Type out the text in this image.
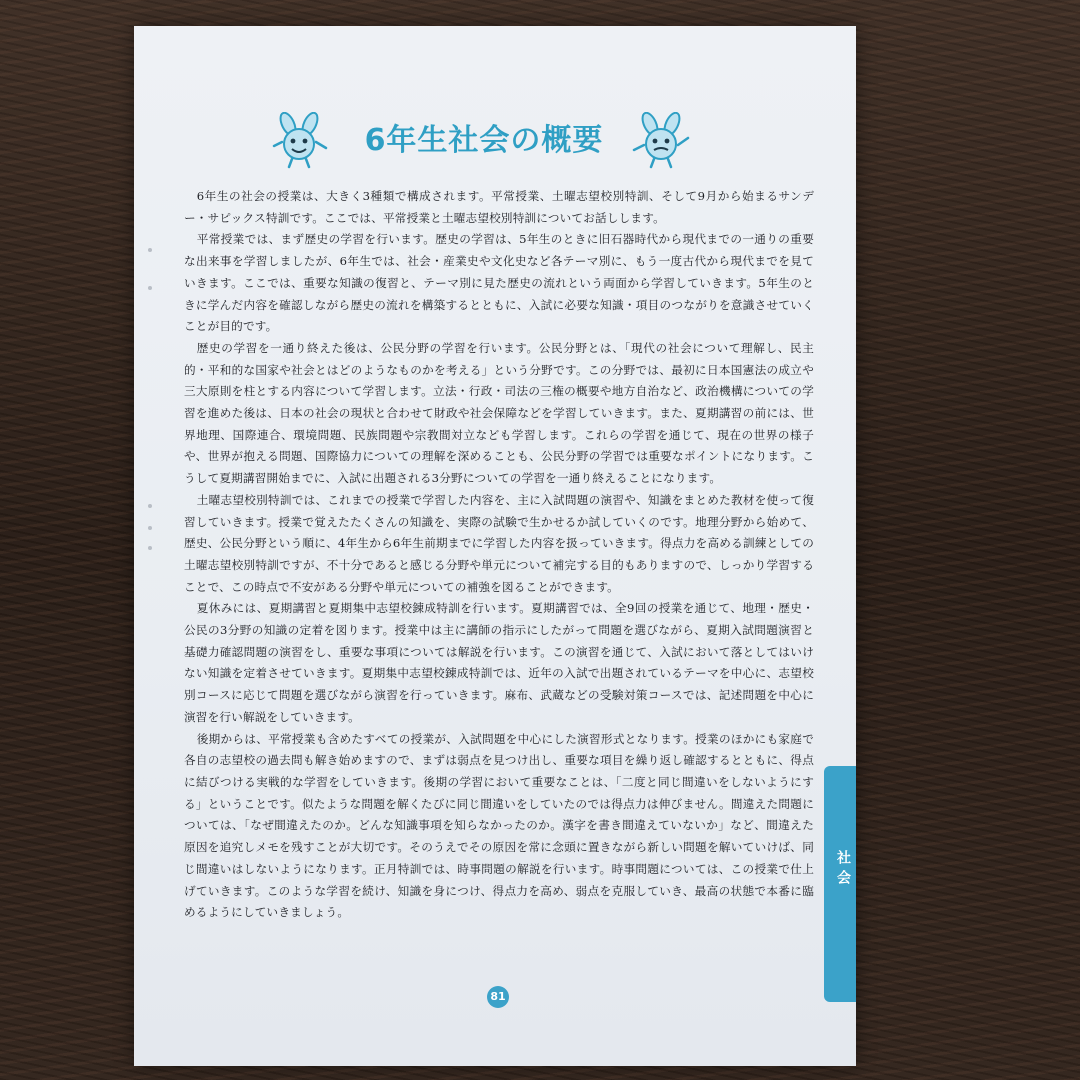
6年生社会の概要

6年生の社会の授業は、大きく3種類で構成されます。平常授業、土曜志望校別特訓、そして9月から始まるサンデー・サピックス特訓です。ここでは、平常授業と土曜志望校別特訓についてお話しします。

平常授業では、まず歴史の学習を行います。歴史の学習は、5年生のときに旧石器時代から現代までの一通りの重要な出来事を学習しましたが、6年生では、社会・産業史や文化史など各テーマ別に、もう一度古代から現代までを見ていきます。ここでは、重要な知識の復習と、テーマ別に見た歴史の流れという両面から学習していきます。5年生のときに学んだ内容を確認しながら歴史の流れを構築するとともに、入試に必要な知識・項目のつながりを意識させていくことが目的です。

歴史の学習を一通り終えた後は、公民分野の学習を行います。公民分野とは、「現代の社会について理解し、民主的・平和的な国家や社会とはどのようなものかを考える」という分野です。この分野では、最初に日本国憲法の成立や三大原則を柱とする内容について学習します。立法・行政・司法の三権の概要や地方自治など、政治機構についての学習を進めた後は、日本の社会の現状と合わせて財政や社会保障などを学習していきます。また、夏期講習の前には、世界地理、国際連合、環境問題、民族問題や宗教間対立なども学習します。これらの学習を通じて、現在の世界の様子や、世界が抱える問題、国際協力についての理解を深めることも、公民分野の学習では重要なポイントになります。こうして夏期講習開始までに、入試に出題される3分野についての学習を一通り終えることになります。

土曜志望校別特訓では、これまでの授業で学習した内容を、主に入試問題の演習や、知識をまとめた教材を使って復習していきます。授業で覚えたたくさんの知識を、実際の試験で生かせるか試していくのです。地理分野から始めて、歴史、公民分野という順に、4年生から6年生前期までに学習した内容を扱っていきます。得点力を高める訓練としての土曜志望校別特訓ですが、不十分であると感じる分野や単元について補完する目的もありますので、しっかり学習することで、この時点で不安がある分野や単元についての補強を図ることができます。

夏休みには、夏期講習と夏期集中志望校錬成特訓を行います。夏期講習では、全9回の授業を通じて、地理・歴史・公民の3分野の知識の定着を図ります。授業中は主に講師の指示にしたがって問題を選びながら、夏期入試問題演習と基礎力確認問題の演習をし、重要な事項については解説を行います。この演習を通じて、入試において落としてはいけない知識を定着させていきます。夏期集中志望校錬成特訓では、近年の入試で出題されているテーマを中心に、志望校別コースに応じて問題を選びながら演習を行っていきます。麻布、武蔵などの受験対策コースでは、記述問題を中心に演習を行い解説をしていきます。

後期からは、平常授業も含めたすべての授業が、入試問題を中心にした演習形式となります。授業のほかにも家庭で各自の志望校の過去問も解き始めますので、まずは弱点を見つけ出し、重要な項目を繰り返し確認するとともに、得点に結びつける実戦的な学習をしていきます。後期の学習において重要なことは、「二度と同じ間違いをしないようにする」ということです。似たような問題を解くたびに同じ間違いをしていたのでは得点力は伸びません。間違えた問題については、「なぜ間違えたのか。どんな知識事項を知らなかったのか。漢字を書き間違えていないか」など、間違えた原因を追究しメモを残すことが大切です。そのうえでその原因を常に念頭に置きながら新しい問題を解いていけば、同じ間違いはしないようになります。正月特訓では、時事問題の解説を行います。時事問題については、この授業で仕上げていきます。このような学習を続け、知識を身につけ、得点力を高め、弱点を克服していき、最高の状態で本番に臨めるようにしていきましょう。

社会
81
